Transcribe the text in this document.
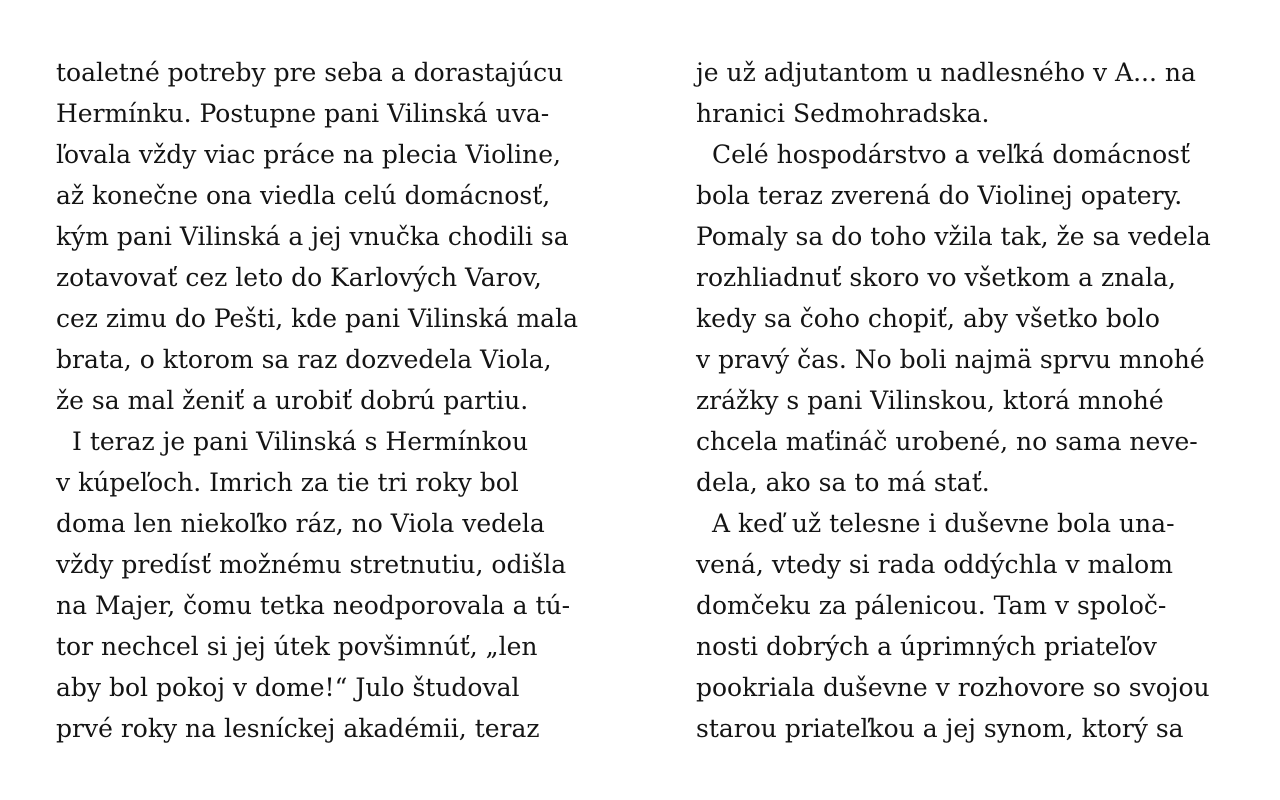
toaletné potreby pre seba a dorastajúcu
Hermínku. Postupne pani Vilinská uva-
ľovala vždy viac práce na plecia Violine,
až konečne ona viedla celú domácnosť,
kým pani Vilinská a jej vnučka chodili sa
zotavovať cez leto do Karlových Varov,
cez zimu do Pešti, kde pani Vilinská mala
brata, o ktorom sa raz dozvedela Viola,
že sa mal ženiť a urobiť dobrú partiu.
I teraz je pani Vilinská s Hermínkou
v kúpeľoch. Imrich za tie tri roky bol
doma len niekoľko ráz, no Viola vedela
vždy predísť možnému stretnutiu, odišla
na Majer, čomu tetka neodporovala a tú-
tor nechcel si jej útek povšimnúť, „len
aby bol pokoj v dome!“ Julo študoval
prvé roky na lesníckej akadémii, teraz
je už adjutantom u nadlesného v A... na
hranici Sedmohradska.
Celé hospodárstvo a veľká domácnosť
bola teraz zverená do Violinej opatery.
Pomaly sa do toho vžila tak, že sa vedela
rozhliadnuť skoro vo všetkom a znala,
kedy sa čoho chopiť, aby všetko bolo
v pravý čas. No boli najmä sprvu mnohé
zrážky s pani Vilinskou, ktorá mnohé
chcela maťináč urobené, no sama neve-
dela, ako sa to má stať.
A keď už telesne i duševne bola una-
vená, vtedy si rada oddýchla v malom
domčeku za pálenicou. Tam v spoloč-
nosti dobrých a úprimných priateľov
pookriala duševne v rozhovore so svojou
starou priateľkou a jej synom, ktorý sa
